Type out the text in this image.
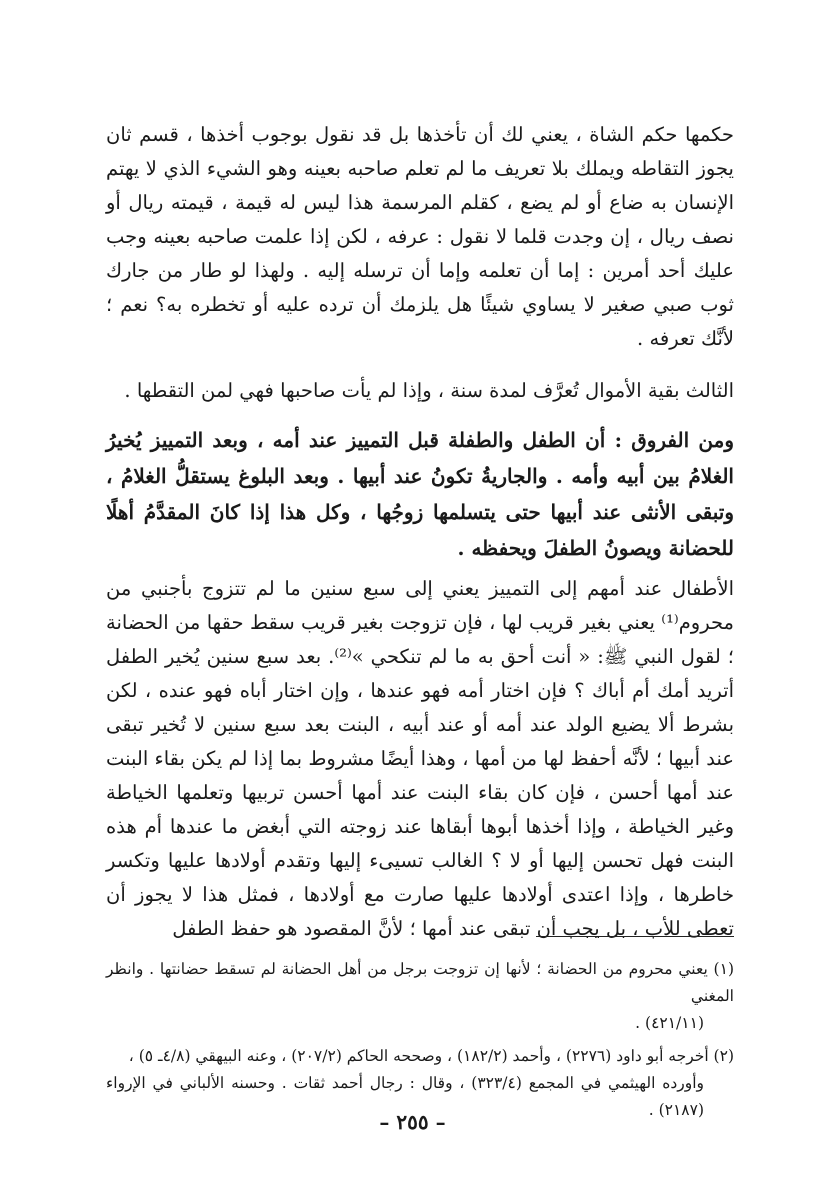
حكمها حكم الشاة ، يعني لك أن تأخذها بل قد نقول بوجوب أخذها ، قسم ثان يجوز التقاطه ويملك بلا تعريف ما لم تعلم صاحبه بعينه وهو الشيء الذي لا يهتم الإنسان به ضاع أو لم يضع ، كقلم المرسمة هذا ليس له قيمة ، قيمته ريال أو نصف ريال ، إن وجدت قلما لا نقول : عرفه ، لكن إذا علمت صاحبه بعينه وجب عليك أحد أمرين : إما أن تعلمه وإما أن ترسله إليه . ولهذا لو طار من جارك ثوب صبي صغير لا يساوي شيئًا هل يلزمك أن ترده عليه أو تخطره به؟ نعم ؛ لأنَّك تعرفه .

الثالث بقية الأموال تُعرَّف لمدة سنة ، وإذا لم يأت صاحبها فهي لمن التقطها .

ومن الفروق : أن الطفل والطفلة قبل التمييز عند أمه ، وبعد التمييز يُخيرُ الغلامُ بين أبيه وأمه . والجاريةُ تكونُ عند أبيها . وبعد البلوغ يستقلُّ الغلامُ ، وتبقى الأنثى عند أبيها حتى يتسلمها زوجُها ، وكل هذا إذا كانَ المقدَّمُ أهلًا للحضانة ويصونُ الطفلَ ويحفظه .

الأطفال عند أمهم إلى التمييز يعني إلى سبع سنين ما لم تتزوج بأجنبي من محروم⁽¹⁾ يعني بغير قريب لها ، فإن تزوجت بغير قريب سقط حقها من الحضانة ؛ لقول النبي ﷺ: « أنت أحق به ما لم تنكحي »⁽²⁾. بعد سبع سنين يُخير الطفل أتريد أمك أم أباك ؟ فإن اختار أمه فهو عندها ، وإن اختار أباه فهو عنده ، لكن بشرط ألا يضيع الولد عند أمه أو عند أبيه ، البنت بعد سبع سنين لا تُخير تبقى عند أبيها ؛ لأنَّه أحفظ لها من أمها ، وهذا أيضًا مشروط بما إذا لم يكن بقاء البنت عند أمها أحسن ، فإن كان بقاء البنت عند أمها أحسن تربيها وتعلمها الخياطة وغير الخياطة ، وإذا أخذها أبوها أبقاها عند زوجته التي أبغض ما عندها أم هذه البنت فهل تحسن إليها أو لا ؟ الغالب تسيىء إليها وتقدم أولادها عليها وتكسر خاطرها ، وإذا اعتدى أولادها عليها صارت مع أولادها ، فمثل هذا لا يجوز أن تعطى للأب ، بل يجب أن تبقى عند أمها ؛ لأنَّ المقصود هو حفظ الطفل

(١) يعني محروم من الحضانة ؛ لأنها إن تزوجت برجل من أهل الحضانة لم تسقط حضانتها . وانظر المغني
(٤٢١/١١) .

(٢) أخرجه أبو داود (٢٢٧٦) ، وأحمد (١٨٢/٢) ، وصححه الحاكم (٢٠٧/٢) ، وعنه البيهقي (٤/٨ـ ٥) ،
وأورده الهيثمي في المجمع (٣٢٣/٤) ، وقال : رجال أحمد ثقات . وحسنه الألباني في الإرواء (٢١٨٧) .

– ٢٥٥ –
